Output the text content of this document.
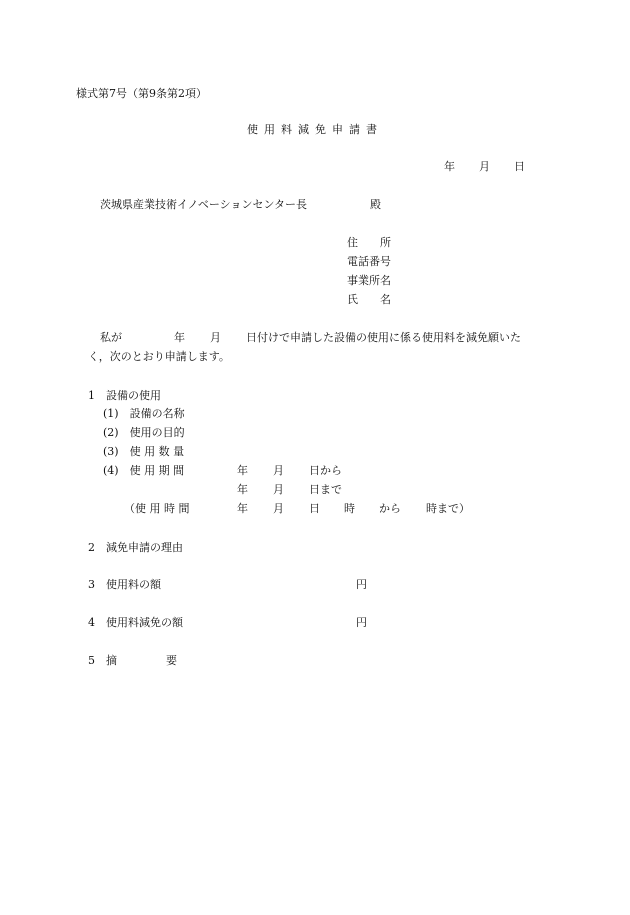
様式第7号（第9条第2項）
使用料減免申請書
年 月 日
茨城県産業技術イノベーションセンター長	殿
住　　所
電話番号
事業所名
氏　　名
私が	年 月 日付けで申請した設備の使用に係る使用料を減免願いた
く，次のとおり申請します。
1　設備の使用
(1)　設備の名称
(2)　使用の目的
(3)　使 用 数 量
(4)　使 用 期 間	年 月 日から
年 月 日まで
（使 用 時 間	年 月 日 時 から 時まで）
2　減免申請の理由
3　使用料の額	円
4　使用料減免の額	円
5 摘	要
